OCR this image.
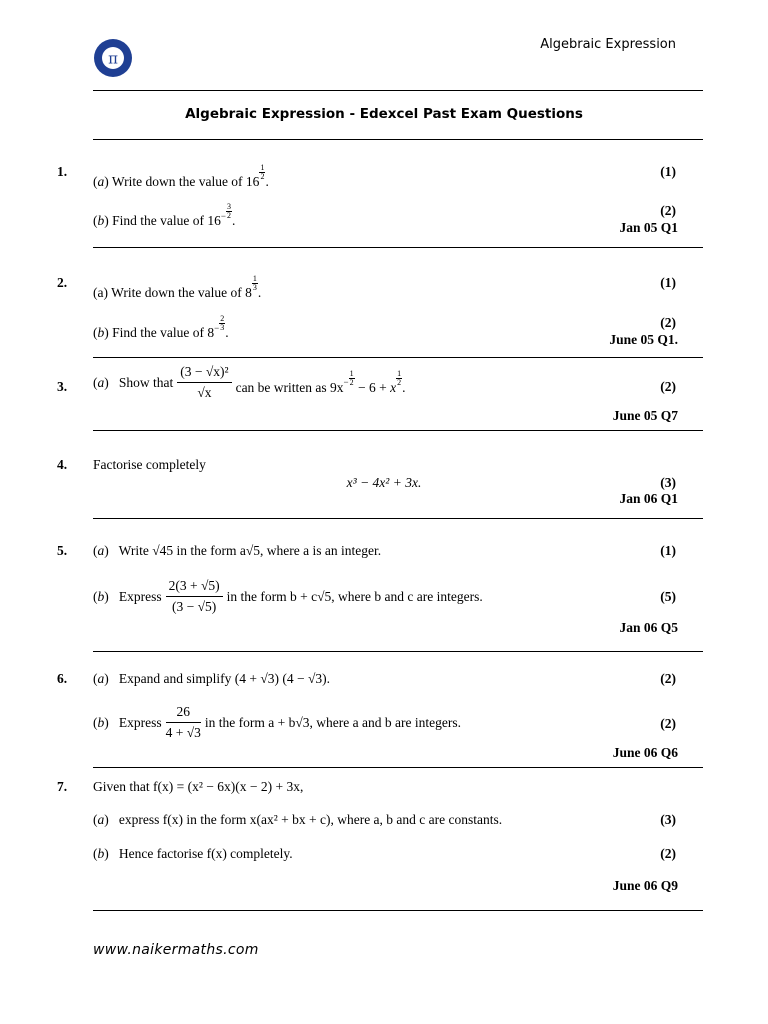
π
Algebraic Expression
Algebraic Expression - Edexcel Past Exam Questions
1.
(a) Write down the value of 16
$\frac{1}{2}$
.
(1)
(b) Find the value of $16^- \frac{3}{2}$
.
(2)
Jan 05 Q1
2.
(a) Write down the value of 8
$\frac{1}{3}$
.
(1)
(b) Find the value of $8^- \frac{2}{3}$
.
(2)
June 05 Q1.
3. (a)   Show that $\frac{\text{(3 − √x)²}}{√x}$ can be written as $9x - \frac{1}{2}$
− 6 + x
$\frac{1}{2}$
.	(2)
June 05 Q7
4. Factorise completely
x³ − 4x² + 3x.	(3)
Jan 06 Q1
5. (a)   Write √45 in the form a√5, where a is an integer.	(1)
(b)   Express $\frac{2(3 + √5)}{(3 - √5)}$ in the form b + c√5, where b and c are integers.	(5)
Jan 06 Q5
6. (a)   Expand and simplify (4 + √3) (4 − √3).	(2)
(b)   Express $\frac{26}{4 + √3}$ in the form a + b√3, where a and b are integers.	(2)
June 06 Q6
7. Given that f(x) = (x² − 6x)(x − 2) + 3x,
(a)   express f(x) in the form x(ax² + bx + c), where a, b and c are constants.	(3)
(b)   Hence factorise f(x) completely.	(2)
June 06 Q9
www.naikermaths.com
